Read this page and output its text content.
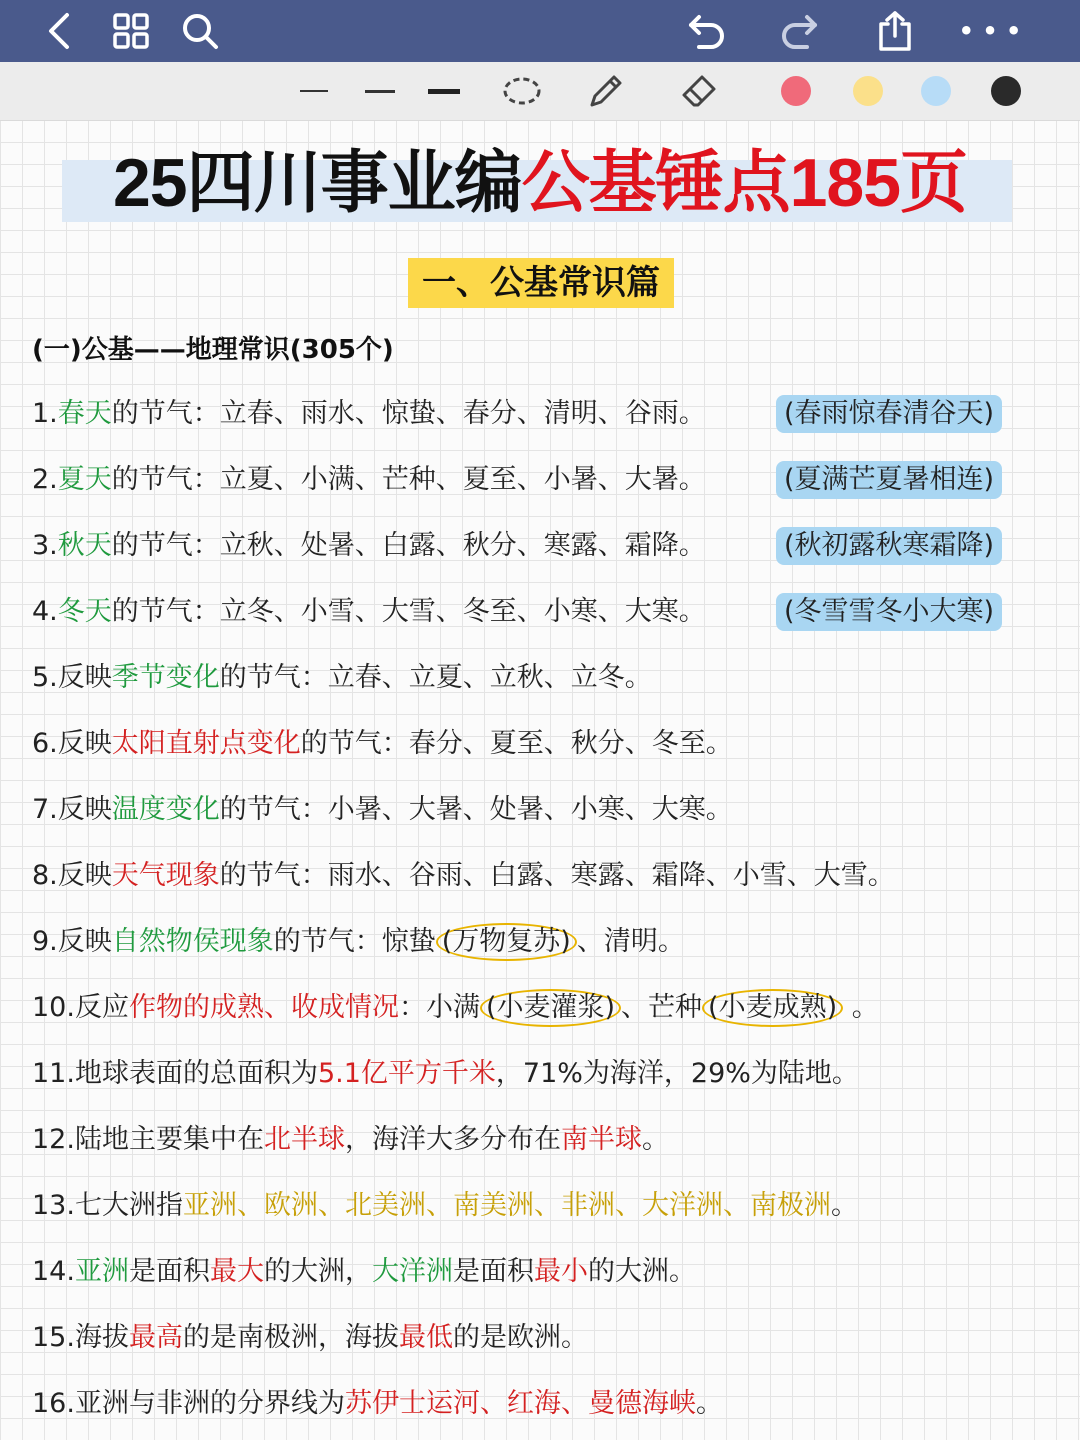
• • •
25四川事业编公基锤点185页
一、公基常识篇
(一)公基——地理常识(305个)
1.春天的节气：立春、雨水、惊蛰、春分、清明、谷雨。	(春雨惊春清谷天)
2.夏天的节气：立夏、小满、芒种、夏至、小暑、大暑。	(夏满芒夏暑相连)
3.秋天的节气：立秋、处暑、白露、秋分、寒露、霜降。	(秋初露秋寒霜降)
4.冬天的节气：立冬、小雪、大雪、冬至、小寒、大寒。	(冬雪雪冬小大寒)
5.反映季节变化的节气：立春、立夏、立秋、立冬。
6.反映太阳直射点变化的节气：春分、夏至、秋分、冬至。
7.反映温度变化的节气：小暑、大暑、处暑、小寒、大寒。
8.反映天气现象的节气：雨水、谷雨、白露、寒露、霜降、小雪、大雪。
9.反映自然物侯现象的节气：惊蛰 (万物复苏) 、清明。
10.反应作物的成熟、收成情况：小满 (小麦灌浆) 、芒种 (小麦成熟) 。
11.地球表面的总面积为5.1亿平方千米，71%为海洋，29%为陆地。
12.陆地主要集中在北半球，海洋大多分布在南半球。
13.七大洲指亚洲、欧洲、北美洲、南美洲、非洲、大洋洲、南极洲。
14.亚洲是面积最大的大洲，大洋洲是面积最小的大洲。
15.海拔最高的是南极洲，海拔最低的是欧洲。
16.亚洲与非洲的分界线为苏伊士运河、红海、曼德海峡。
